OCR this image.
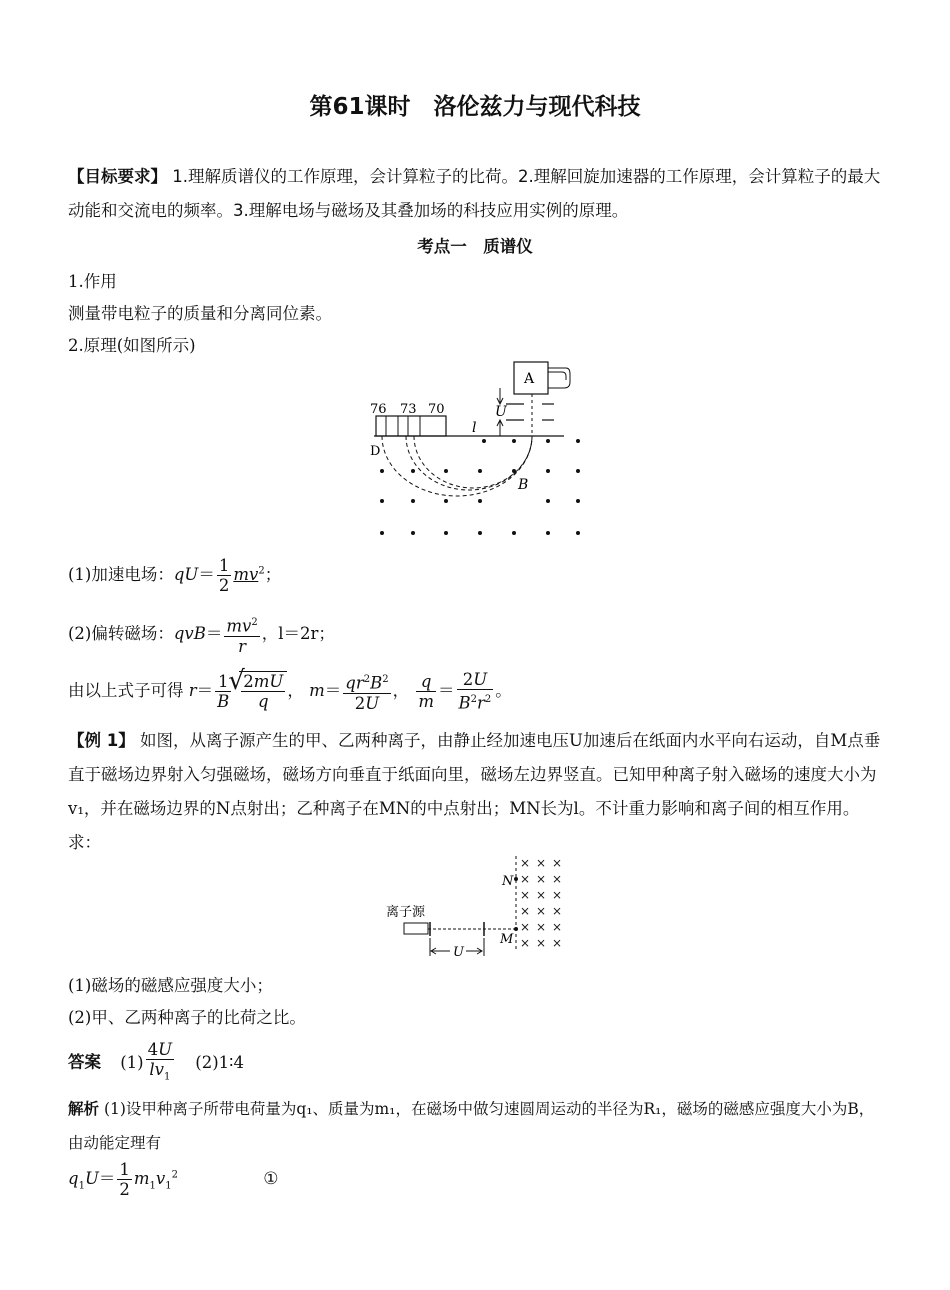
第61课时　洛伦兹力与现代科技
【目标要求】 1.理解质谱仪的工作原理，会计算粒子的比荷。2.理解回旋加速器的工作原理，会计算粒子的最大动能和交流电的频率。3.理解电场与磁场及其叠加场的科技应用实例的原理。
考点一　质谱仪
1.作用
测量带电粒子的质量和分离同位素。
2.原理(如图所示)
A
U
76 73 70
l
D
B
(1)加速电场：$qU= \frac{1}{2} mv^2$；
(2)偏转磁场：$qvB= \frac{mv^2}{r}$ ，l＝2r；
由以上式子可得 $r= \frac{1}{B}$
√ $\frac{2mU}{q}$ ， $m= \frac{qr^2B^2}{2U}$ ， $\frac{q}{m} = \frac{2U}{B^2r^2}$ 。
【例 1】 如图，从离子源产生的甲、乙两种离子，由静止经加速电压U加速后在纸面内水平向右运动，自M点垂直于磁场边界射入匀强磁场，磁场方向垂直于纸面向里，磁场左边界竖直。已知甲种离子射入磁场的速度大小为v₁，并在磁场边界的N点射出；乙种离子在MN的中点射出；MN长为l。不计重力影响和离子间的相互作用。求：
× × ×
× × ×
× × ×
× × ×
× × ×
× × ×
N
M
离子源
U
(1)磁场的磁感应强度大小；
(2)甲、乙两种离子的比荷之比。
答案 $(1) \frac{4U}{lv_1}$ (2)1∶4
解析 (1)设甲种离子所带电荷量为q₁、质量为m₁，在磁场中做匀速圆周运动的半径为R₁，磁场的磁感应强度大小为B，由动能定理有
$q_1U= \frac{1}{2} m_1v_1^2$	①
